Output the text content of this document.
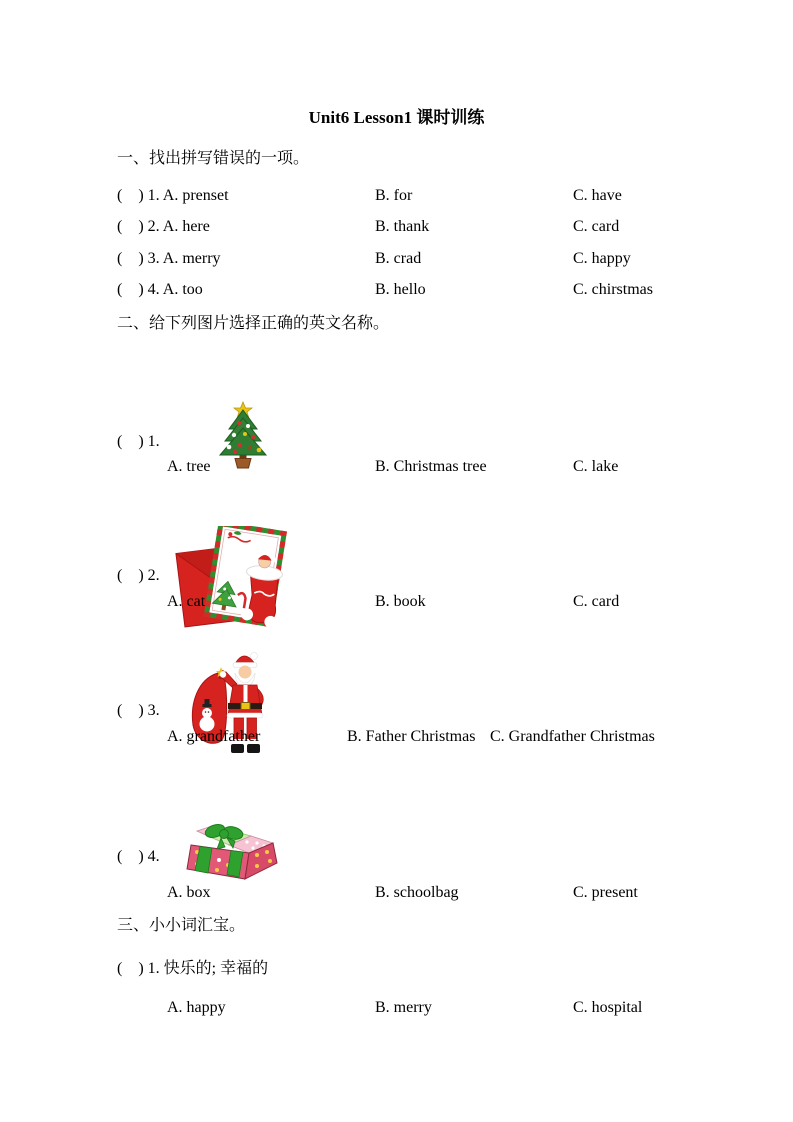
Unit6 Lesson1 课时训练
一、找出拼写错误的一项。
(    ) 1. A. prenset	B. for	C. have
(    ) 2. A. here	B. thank	C. card
(    ) 3. A. merry	B. crad	C. happy
(    ) 4. A. too	B. hello	C. chirstmas
二、给下列图片选择正确的英文名称。

(    ) 1.
A. tree	B. Christmas tree	C. lake

(    ) 2.
A. cat	B. book	C. card

(    ) 3.
A. grandfather	B. Father Christmas C. Grandfather Christmas

(    ) 4.
A. box	B. schoolbag	C. present
三、小小词汇宝。
(    ) 1. 快乐的; 幸福的
A. happy	B. merry	C. hospital
